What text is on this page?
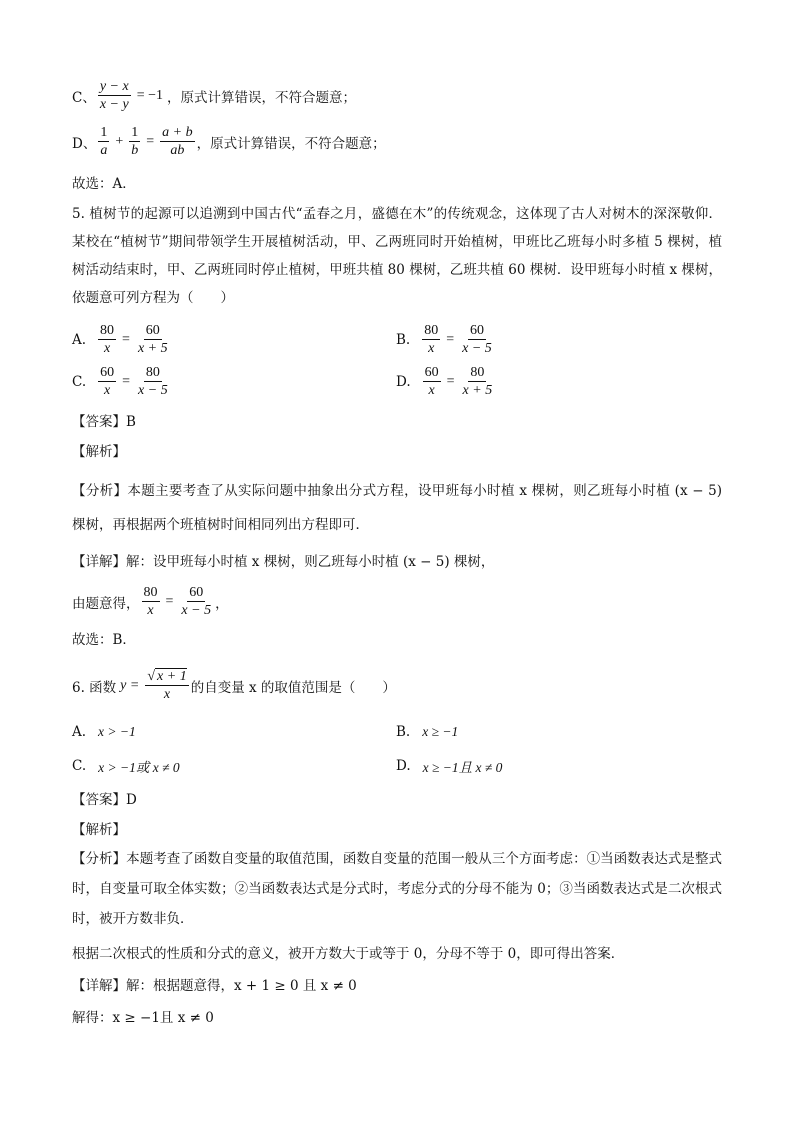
C、 $\frac{y - x}{x - y} = -1$ ，原式计算错误，不符合题意；
D、 $\frac{1}{a} + \frac{1}{b} = \frac{a + b}{ab}$ ，原式计算错误，不符合题意；
故选：A．
5. 植树节的起源可以追溯到中国古代“孟春之月，盛德在木”的传统观念，这体现了古人对树木的深深敬仰．某校在“植树节”期间带领学生开展植树活动，甲、乙两班同时开始植树，甲班比乙班每小时多植 5 棵树，植树活动结束时，甲、乙两班同时停止植树，甲班共植 80 棵树，乙班共植 60 棵树．设甲班每小时植 x 棵树，依题意可列方程为（　　）
A. $\frac{80}{x} = \frac{60}{x + 5}$	B. $\frac{80}{x} = \frac{60}{x - 5}$
C. $\frac{60}{x} = \frac{80}{x - 5}$	D. $\frac{60}{x} = \frac{80}{x + 5}$
【答案】B
【解析】
【分析】本题主要考查了从实际问题中抽象出分式方程，设甲班每小时植 x 棵树，则乙班每小时植 (x − 5) 棵树，再根据两个班植树时间相同列出方程即可．
【详解】解：设甲班每小时植 x 棵树，则乙班每小时植 (x − 5) 棵树，
由题意得， $\frac{80}{x} = \frac{60}{x - 5}$ ，
故选：B．
6. 函数 $y = \frac{√ x + 1}{x}$ 的自变量 x 的取值范围是（　　）
A. x > −1	B. x ≥ −1
C. x > −1或 x ≠ 0	D. x ≥ −1且 x ≠ 0
【答案】D
【解析】
【分析】本题考查了函数自变量的取值范围，函数自变量的范围一般从三个方面考虑：①当函数表达式是整式时，自变量可取全体实数；②当函数表达式是分式时，考虑分式的分母不能为 0；③当函数表达式是二次根式时，被开方数非负．
根据二次根式的性质和分式的意义，被开方数大于或等于 0，分母不等于 0，即可得出答案．
【详解】解：根据题意得，x + 1 ≥ 0 且 x ≠ 0
解得：x ≥ −1且 x ≠ 0
